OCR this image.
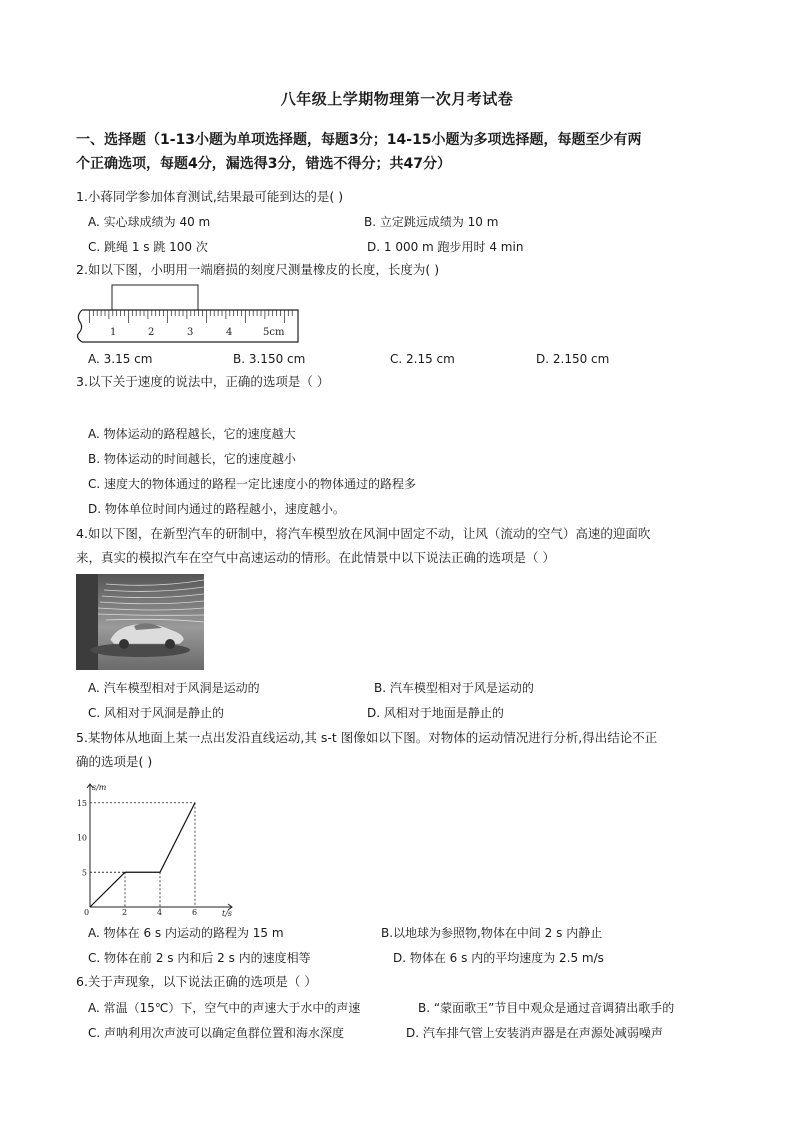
八年级上学期物理第一次月考试卷
一、选择题（1-13小题为单项选择题，每题3分；14-15小题为多项选择题，每题至少有两
个正确选项，每题4分，漏选得3分，错选不得分；共47分）
1.小蒋同学参加体育测试,结果最可能到达的是( )
A. 实心球成绩为 40 m	B. 立定跳远成绩为 10 m
C. 跳绳 1 s 跳 100 次	D. 1 000 m 跑步用时 4 min
2.如以下图，小明用一端磨损的刻度尺测量橡皮的长度，长度为( )
1	2	3	4	5cm
A. 3.15 cm	B. 3.150 cm	C. 2.15 cm	D. 2.150 cm
3.以下关于速度的说法中，正确的选项是（ ）
A. 物体运动的路程越长，它的速度越大
B. 物体运动的时间越长，它的速度越小
C. 速度大的物体通过的路程一定比速度小的物体通过的路程多
D. 物体单位时间内通过的路程越小，速度越小。
4.如以下图，在新型汽车的研制中，将汽车模型放在风洞中固定不动，让风（流动的空气）高速的迎面吹
来，真实的模拟汽车在空气中高速运动的情形。在此情景中以下说法正确的选项是（ ）
A. 汽车模型相对于风洞是运动的	B. 汽车模型相对于风是运动的
C. 风相对于风洞是静止的	D. 风相对于地面是静止的
5.某物体从地面上某一点出发沿直线运动,其 s-t 图像如以下图。对物体的运动情况进行分析,得出结论不正
确的选项是( )
s/m
t/s
0	2	4	6
5
10
15
A. 物体在 6 s 内运动的路程为 15 m	B.以地球为参照物,物体在中间 2 s 内静止
C. 物体在前 2 s 内和后 2 s 内的速度相等	D. 物体在 6 s 内的平均速度为 2.5 m/s
6.关于声现象，以下说法正确的选项是（ ）
A. 常温（15℃）下，空气中的声速大于水中的声速	B. “蒙面歌王”节目中观众是通过音调猜出歌手的
C. 声呐利用次声波可以确定鱼群位置和海水深度	D. 汽车排气管上安装消声器是在声源处减弱噪声
